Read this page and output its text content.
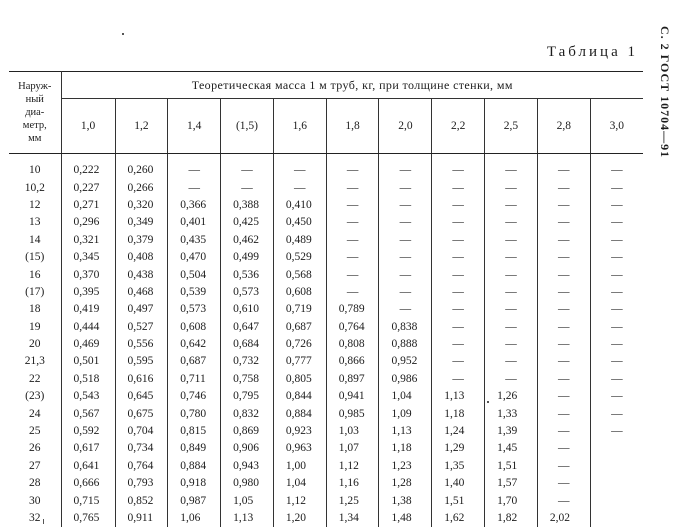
Таблица 1	С. 2 ГОСТ 10704—91
Наруж-
ный
диа-
метр,
мм	Теоретическая масса 1 м труб, кг, при толщине стенки, мм										
	1,0	1,2	1,4	(1,5)	1,6	1,8	2,0	2,2	2,5	2,8	3,0
10	0,222	0,260	—	—	—	—	—	—	—	—	—
10,2	0,227	0,266	—	—	—	—	—	—	—	—	—
12	0,271	0,320	0,366	0,388	0,410	—	—	—	—	—	—
13	0,296	0,349	0,401	0,425	0,450	—	—	—	—	—	—
14	0,321	0,379	0,435	0,462	0,489	—	—	—	—	—	—
(15)	0,345	0,408	0,470	0,499	0,529	—	—	—	—	—	—
16	0,370	0,438	0,504	0,536	0,568	—	—	—	—	—	—
(17)	0,395	0,468	0,539	0,573	0,608	—	—	—	—	—	—
18	0,419	0,497	0,573	0,610	0,719	0,789	—	—	—	—	—
19	0,444	0,527	0,608	0,647	0,687	0,764	0,838	—	—	—	—
20	0,469	0,556	0,642	0,684	0,726	0,808	0,888	—	—	—	—
21,3	0,501	0,595	0,687	0,732	0,777	0,866	0,952	—	—	—	—
22	0,518	0,616	0,711	0,758	0,805	0,897	0,986	—	—	—	—
(23)	0,543	0,645	0,746	0,795	0,844	0,941	1,04	1,13	1,26	—	—
24	0,567	0,675	0,780	0,832	0,884	0,985	1,09	1,18	1,33	—	—
25	0,592	0,704	0,815	0,869	0,923	1,03	1,13	1,24	1,39	—	—
26	0,617	0,734	0,849	0,906	0,963	1,07	1,18	1,29	1,45	—	
27	0,641	0,764	0,884	0,943	1,00	1,12	1,23	1,35	1,51	—	
28	0,666	0,793	0,918	0,980	1,04	1,16	1,28	1,40	1,57	—	
30	0,715	0,852	0,987	1,05	1,12	1,25	1,38	1,51	1,70	—	
32	0,765	0,911	1,06	1,13	1,20	1,34	1,48	1,62	1,82	2,02	
